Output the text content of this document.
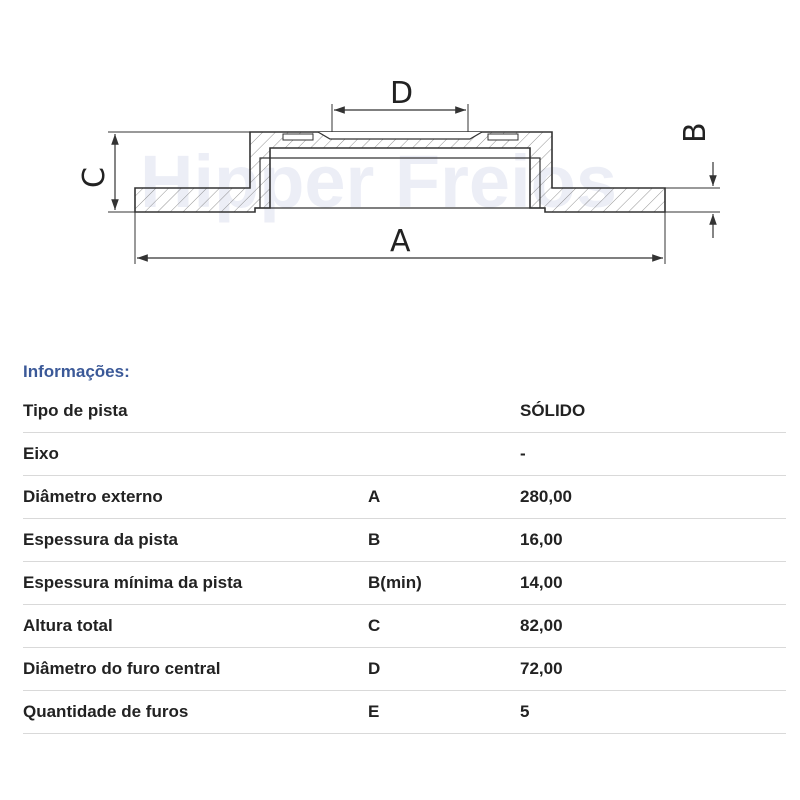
Hipper Freios
D
C
A
B
Informações:
Tipo de pista		SÓLIDO
Eixo		-
Diâmetro externo	A	280,00
Espessura da pista	B	16,00
Espessura mínima da pista	B(min)	14,00
Altura total	C	82,00
Diâmetro do furo central	D	72,00
Quantidade de furos	E	5
